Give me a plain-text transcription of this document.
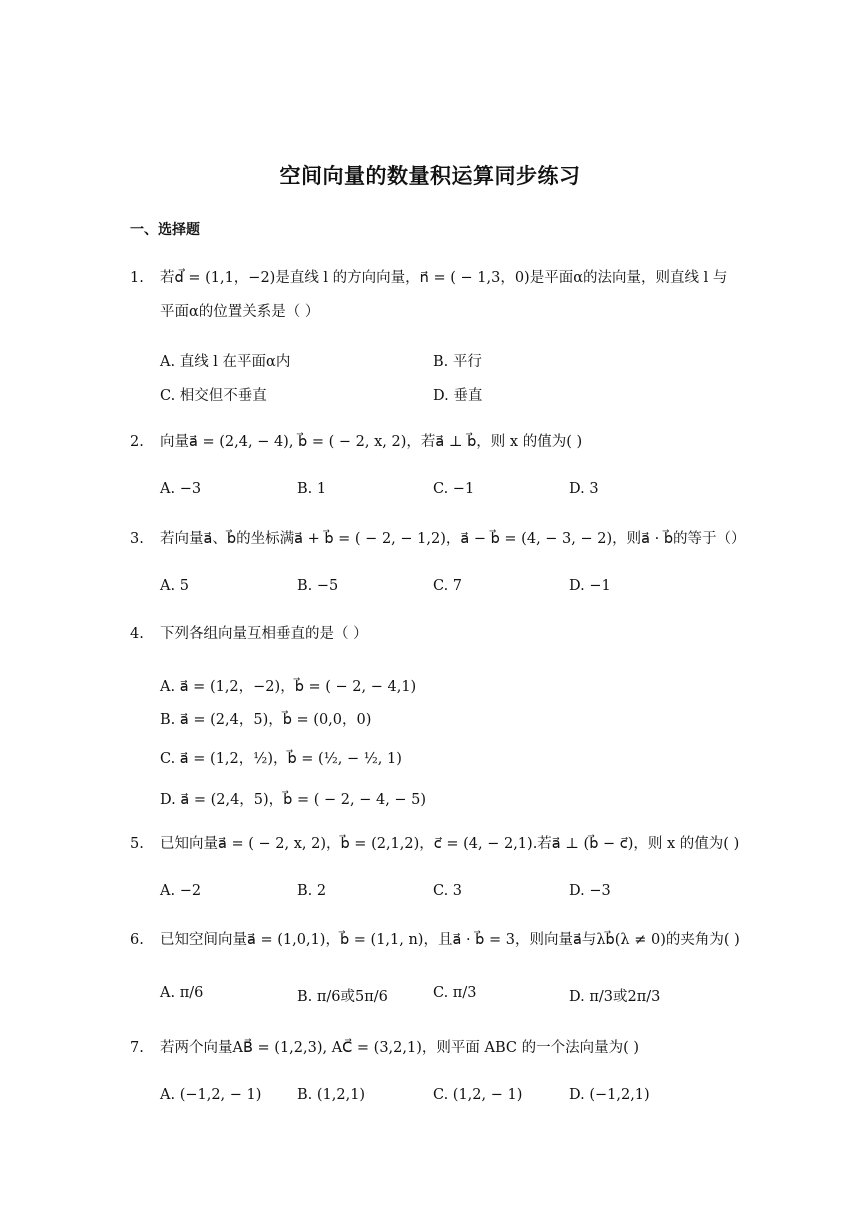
空间向量的数量积运算同步练习
一、选择题
1. 若d⃗ = (1,1，−2)是直线 l 的方向向量，n⃗ = ( − 1,3，0)是平面α的法向量，则直线 l 与
平面α的位置关系是（ ）
A. 直线 l 在平面α内	B. 平行
C. 相交但不垂直	D. 垂直
2. 向量a⃗ = (2,4, − 4), b⃗ = ( − 2, x, 2)，若a⃗ ⊥ b⃗，则 x 的值为( )
A. −3	B. 1	C. −1	D. 3
3. 若向量a⃗、b⃗的坐标满a⃗ + b⃗ = ( − 2, − 1,2)，a⃗ − b⃗ = (4, − 3, − 2)，则a⃗ · b⃗的等于（）
A. 5	B. −5	C. 7	D. −1
4. 下列各组向量互相垂直的是（ ）
A. a⃗ = (1,2，−2)，b⃗ = ( − 2, − 4,1)
B. a⃗ = (2,4，5)，b⃗ = (0,0，0)
C. a⃗ = (1,2，½)，b⃗ = (½, − ½, 1)
D. a⃗ = (2,4，5)，b⃗ = ( − 2, − 4, − 5)
5. 已知向量a⃗ = ( − 2, x, 2)，b⃗ = (2,1,2)，c⃗ = (4, − 2,1).若a⃗ ⊥ (b⃗ − c⃗)，则 x 的值为( )
A. −2	B. 2	C. 3	D. −3
6. 已知空间向量a⃗ = (1,0,1)，b⃗ = (1,1, n)，且a⃗ · b⃗ = 3，则向量a⃗与λb⃗(λ ≠ 0)的夹角为( )
A. π/6	B. π/6或5π/6	C. π/3	D. π/3或2π/3
7. 若两个向量AB⃗ = (1,2,3), AC⃗ = (3,2,1)，则平面 ABC 的一个法向量为( )
A. (−1,2, − 1) B. (1,2,1)	C. (1,2, − 1)	D. (−1,2,1)
